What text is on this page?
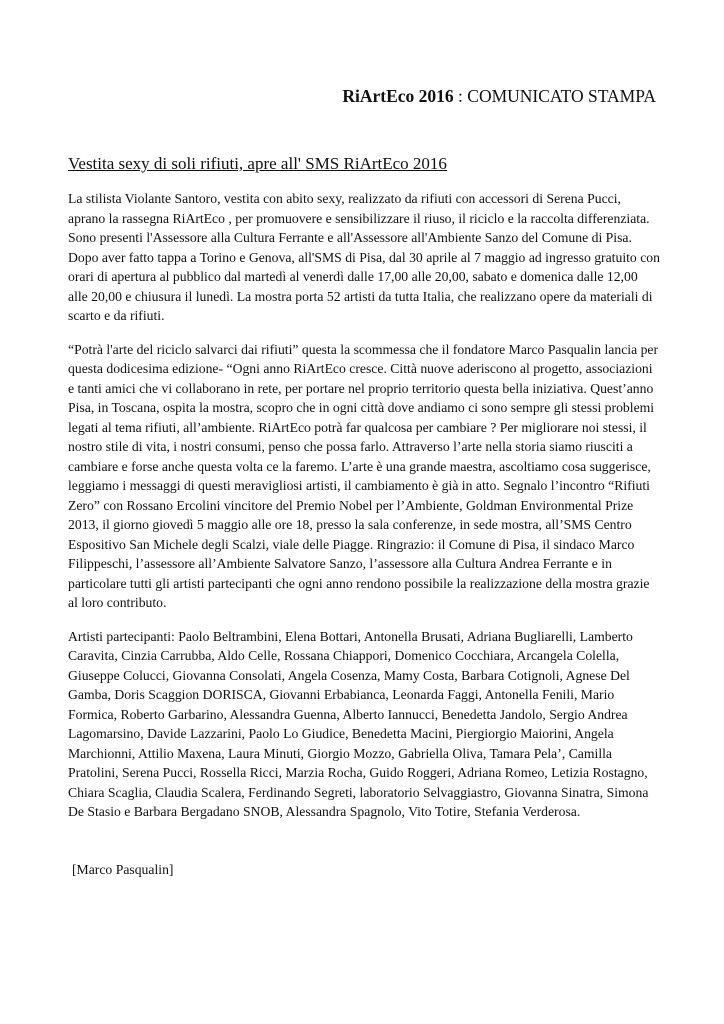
RiArtEco 2016 : COMUNICATO STAMPA
Vestita sexy di soli rifiuti, apre all' SMS RiArtEco 2016

La stilista Violante Santoro, vestita con abito sexy, realizzato da rifiuti con accessori di Serena Pucci, aprano la rassegna RiArtEco , per promuovere e sensibilizzare il riuso, il riciclo e la raccolta differenziata. Sono presenti l'Assessore alla Cultura Ferrante e all'Assessore all'Ambiente Sanzo del Comune di Pisa. Dopo aver fatto tappa a Torino e Genova, all'SMS di Pisa, dal 30 aprile al 7 maggio ad ingresso gratuito con orari di apertura al pubblico dal martedì al venerdì dalle 17,00 alle 20,00, sabato e domenica dalle 12,00 alle 20,00 e chiusura il lunedì. La mostra porta 52 artisti da tutta Italia, che realizzano opere da materiali di scarto e da rifiuti.

“Potrà l'arte del riciclo salvarci dai rifiuti” questa la scommessa che il fondatore Marco Pasqualin lancia per questa dodicesima edizione- “Ogni anno RiArtEco cresce. Città nuove aderiscono al progetto, associazioni e tanti amici che vi collaborano in rete, per portare nel proprio territorio questa bella iniziativa. Quest’anno Pisa, in Toscana, ospita la mostra, scopro che in ogni città dove andiamo ci sono sempre gli stessi problemi legati al tema rifiuti, all’ambiente. RiArtEco potrà far qualcosa per cambiare ? Per migliorare noi stessi, il nostro stile di vita, i nostri consumi, penso che possa farlo. Attraverso l’arte nella storia siamo riusciti a cambiare e forse anche questa volta ce la faremo. L’arte è una grande maestra, ascoltiamo cosa suggerisce, leggiamo i messaggi di questi meravigliosi artisti, il cambiamento è già in atto. Segnalo l’incontro “Rifiuti Zero” con Rossano Ercolini vincitore del Premio Nobel per l’Ambiente, Goldman Environmental Prize 2013, il giorno giovedì 5 maggio alle ore 18, presso la sala conferenze, in sede mostra, all’SMS Centro Espositivo San Michele degli Scalzi, viale delle Piagge. Ringrazio: il Comune di Pisa, il sindaco Marco Filippeschi, l’assessore all’Ambiente Salvatore Sanzo, l’assessore alla Cultura Andrea Ferrante e in particolare tutti gli artisti partecipanti che ogni anno rendono possibile la realizzazione della mostra grazie al loro contributo.

Artisti partecipanti: Paolo Beltrambini, Elena Bottari, Antonella Brusati, Adriana Bugliarelli, Lamberto Caravita, Cinzia Carrubba, Aldo Celle, Rossana Chiappori, Domenico Cocchiara, Arcangela Colella, Giuseppe Colucci, Giovanna Consolati, Angela Cosenza, Mamy Costa, Barbara Cotignoli, Agnese Del Gamba, Doris Scaggion DORISCA, Giovanni Erbabianca, Leonarda Faggi, Antonella Fenili, Mario Formica, Roberto Garbarino, Alessandra Guenna, Alberto Iannucci, Benedetta Jandolo, Sergio Andrea Lagomarsino, Davide Lazzarini, Paolo Lo Giudice, Benedetta Macini, Piergiorgio Maiorini, Angela Marchionni, Attilio Maxena, Laura Minuti, Giorgio Mozzo, Gabriella Oliva, Tamara Pela’, Camilla Pratolini, Serena Pucci, Rossella Ricci, Marzia Rocha, Guido Roggeri, Adriana Romeo, Letizia Rostagno, Chiara Scaglia, Claudia Scalera, Ferdinando Segreti, laboratorio Selvaggiastro, Giovanna Sinatra, Simona De Stasio e Barbara Bergadano SNOB, Alessandra Spagnolo, Vito Totire, Stefania Verderosa.

[Marco Pasqualin]
